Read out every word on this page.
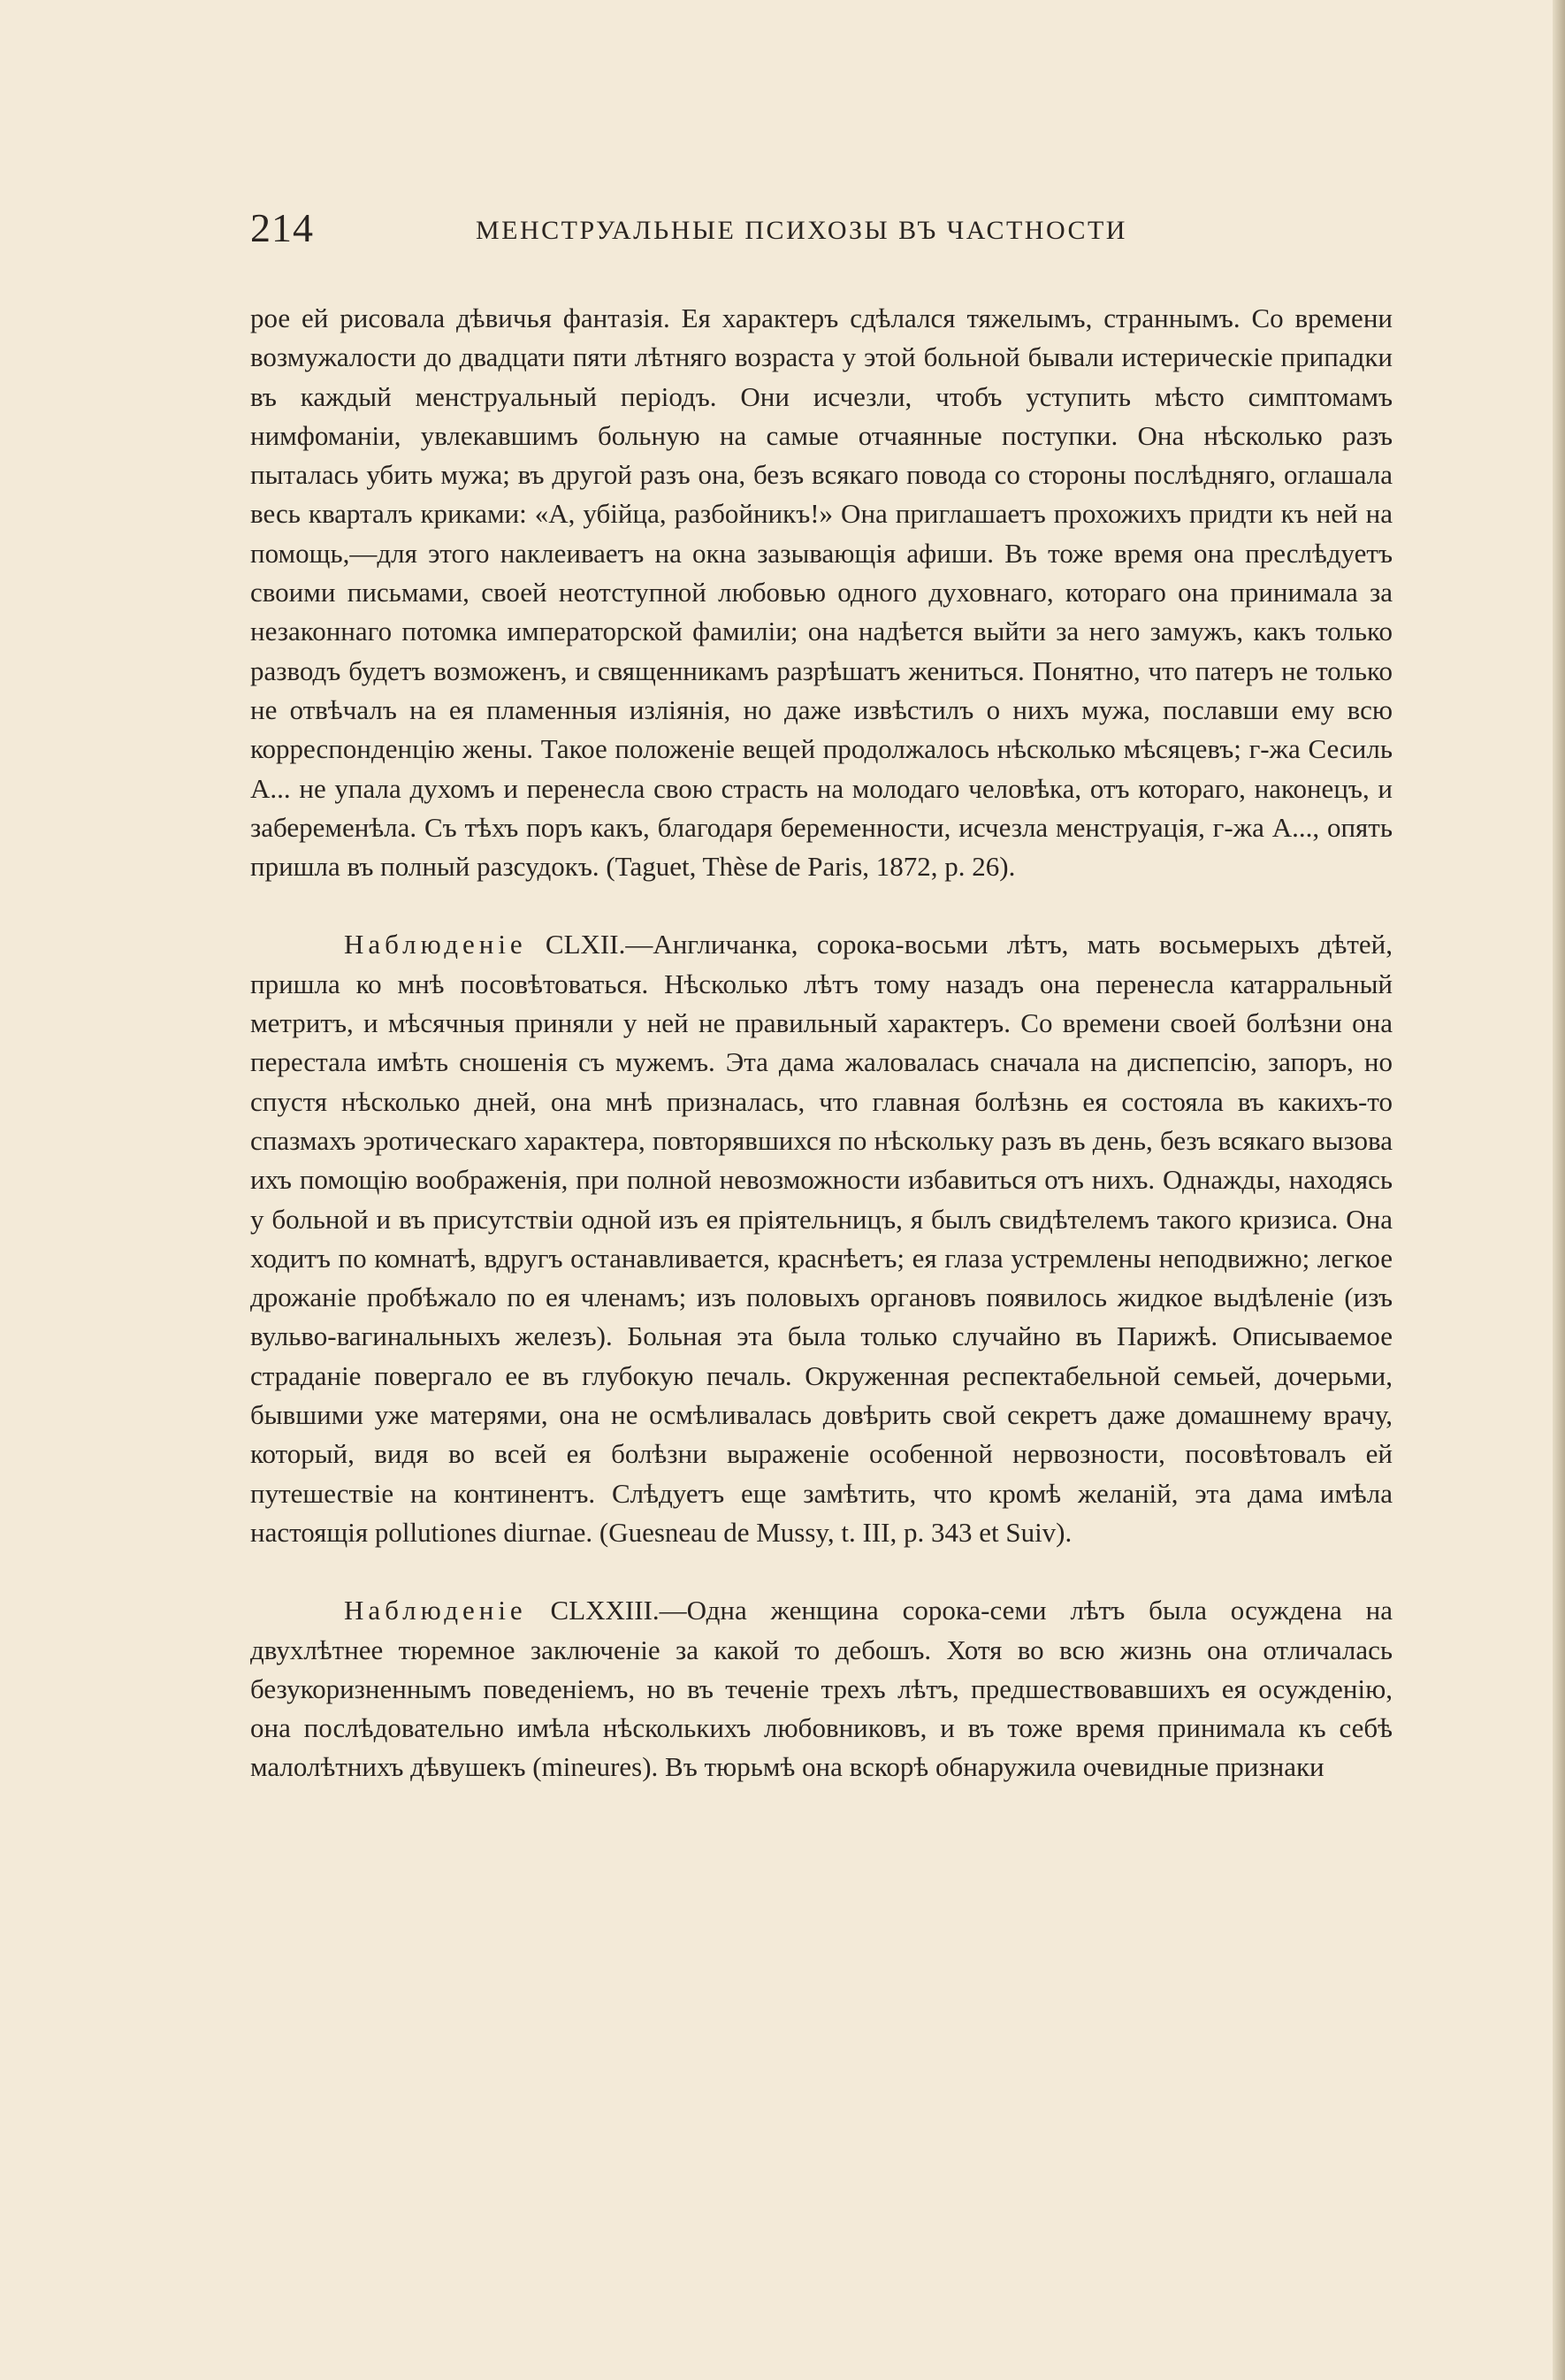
214	МЕНСТРУАЛЬНЫЕ ПСИХОЗЫ ВЪ ЧАСТНОСТИ

рое ей рисовала дѣвичья фантазія. Ея характеръ сдѣлался тяжелымъ, страннымъ. Со времени возмужалости до двадцати пяти лѣтняго возраста у этой больной бывали истерическіе припадки въ каждый менструальный періодъ. Они исчезли, чтобъ уступить мѣсто симптомамъ нимфоманіи, увлекавшимъ больную на самые отчаянные поступки. Она нѣсколько разъ пыталась убить мужа; въ другой разъ она, безъ всякаго повода со стороны послѣдняго, оглашала весь кварталъ криками: «А, убійца, разбойникъ!» Она приглашаетъ прохожихъ придти къ ней на помощь,—для этого наклеиваетъ на окна зазывающія афиши. Въ тоже время она преслѣдуетъ своими письмами, своей неотступной любовью одного духовнаго, котораго она принимала за незаконнаго потомка императорской фамиліи; она надѣется выйти за него замужъ, какъ только разводъ будетъ возможенъ, и священникамъ разрѣшатъ жениться. Понятно, что патеръ не только не отвѣчалъ на ея пламенныя изліянія, но даже извѣстилъ о нихъ мужа, пославши ему всю корреспонденцію жены. Такое положеніе вещей продолжалось нѣсколько мѣсяцевъ; г-жа Сесиль А... не упала духомъ и перенесла свою страсть на молодаго человѣка, отъ котораго, наконецъ, и забеременѣла. Съ тѣхъ поръ какъ, благодаря беременности, исчезла менструація, г-жа А..., опять пришла въ полный разсудокъ. (Taguet, Thèse de Paris, 1872, p. 26).

Наблюденіе CLXII.—Англичанка, сорока-восьми лѣтъ, мать восьмерыхъ дѣтей, пришла ко мнѣ посовѣтоваться. Нѣсколько лѣтъ тому назадъ она перенесла катарральный метритъ, и мѣсячныя приняли у ней не правильный характеръ. Со времени своей болѣзни она перестала имѣть сношенія съ мужемъ. Эта дама жаловалась сначала на диспепсію, запоръ, но спустя нѣсколько дней, она мнѣ призналась, что главная болѣзнь ея состояла въ какихъ-то спазмахъ эротическаго характера, повторявшихся по нѣскольку разъ въ день, безъ всякаго вызова ихъ помощію воображенія, при полной невозможности избавиться отъ нихъ. Однажды, находясь у больной и въ присутствіи одной изъ ея пріятельницъ, я былъ свидѣтелемъ такого кризиса. Она ходитъ по комнатѣ, вдругъ останавливается, краснѣетъ; ея глаза устремлены неподвижно; легкое дрожаніе пробѣжало по ея членамъ; изъ половыхъ органовъ появилось жидкое выдѣленіе (изъ вульво-вагинальныхъ железъ). Больная эта была только случайно въ Парижѣ. Описываемое страданіе повергало ее въ глубокую печаль. Окруженная респектабельной семьей, дочерьми, бывшими уже матерями, она не осмѣливалась довѣрить свой секретъ даже домашнему врачу, который, видя во всей ея болѣзни выраженіе особенной нервозности, посовѣтовалъ ей путешествіе на континентъ. Слѣдуетъ еще замѣтить, что кромѣ желаній, эта дама имѣла настоящія pollutiones diurnae. (Guesneau de Mussy, t. III, p. 343 et Suiv).

Наблюденіе CLXXIII.—Одна женщина сорока-семи лѣтъ была осуждена на двухлѣтнее тюремное заключеніе за какой то дебошъ. Хотя во всю жизнь она отличалась безукоризненнымъ поведеніемъ, но въ теченіе трехъ лѣтъ, предшествовавшихъ ея осужденію, она послѣдовательно имѣла нѣсколькихъ любовниковъ, и въ тоже время принимала къ себѣ малолѣтнихъ дѣвушекъ (mineures). Въ тюрьмѣ она вскорѣ обнаружила очевидные признаки
